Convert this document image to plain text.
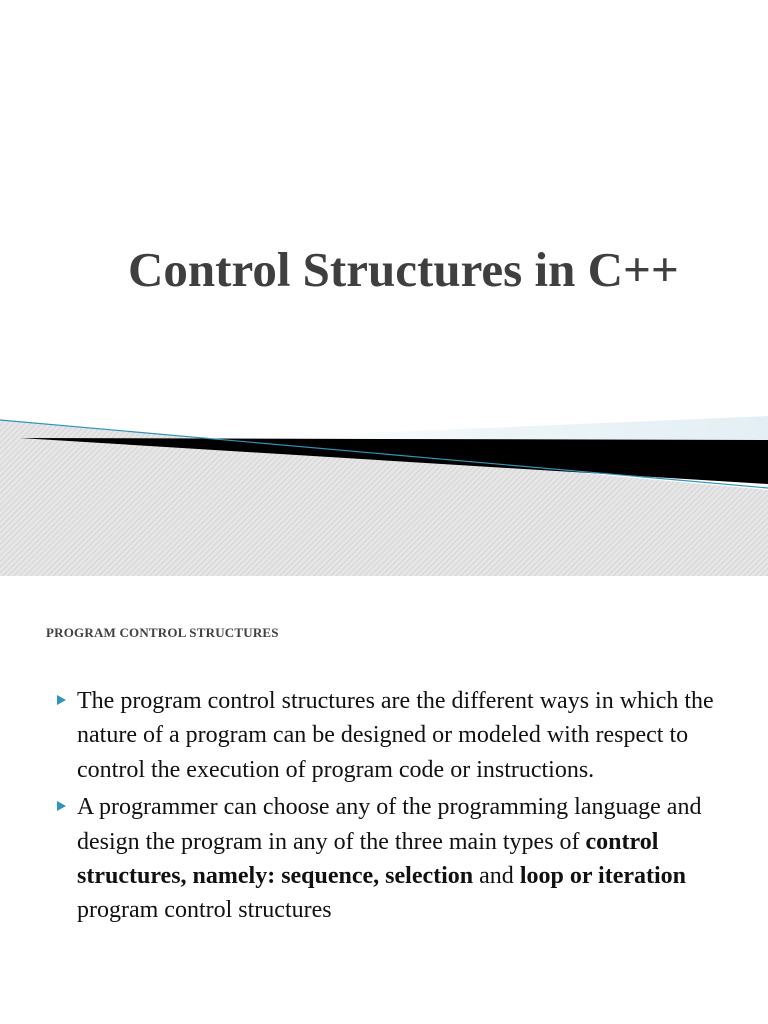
Control Structures in C++
PROGRAM CONTROL STRUCTURES
The program control structures are the different ways in which the nature of a program can be designed or modeled with respect to control the execution of program code or instructions.
A programmer can choose any of the programming language and design the program in any of the three main types of control structures, namely: sequence, selection and loop or iteration program control structures
